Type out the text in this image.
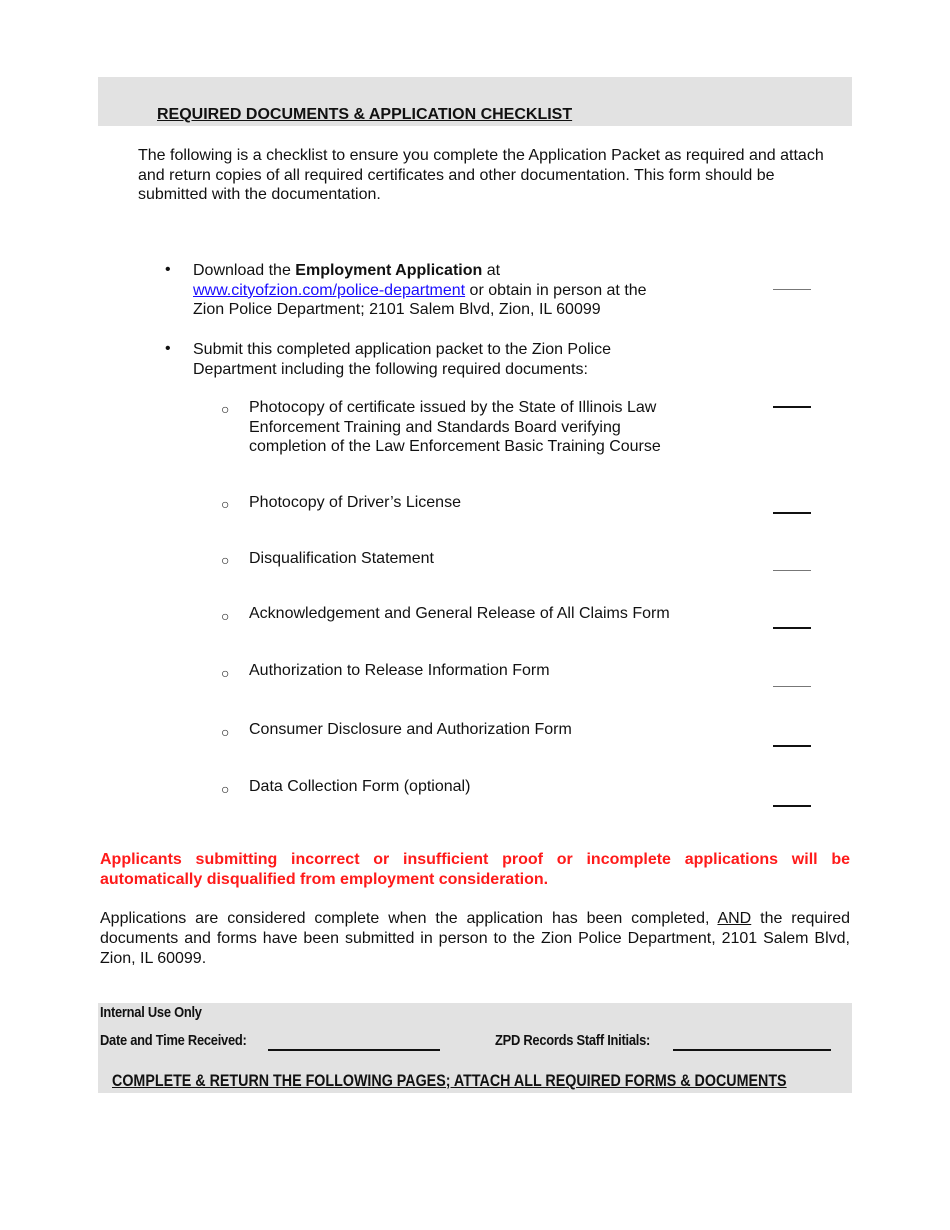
REQUIRED DOCUMENTS & APPLICATION CHECKLIST
The following is a checklist to ensure you complete the Application Packet as required and attach and return copies of all required certificates and other documentation. This form should be submitted with the documentation.
• Download the Employment Application at
www.cityofzion.com/police-department or obtain in person at the
Zion Police Department; 2101 Salem Blvd, Zion, IL 60099
• Submit this completed application packet to the Zion Police
Department including the following required documents:
○ Photocopy of certificate issued by the State of Illinois Law
Enforcement Training and Standards Board verifying
completion of the Law Enforcement Basic Training Course
○ Photocopy of Driver’s License
○ Disqualification Statement
○ Acknowledgement and General Release of All Claims Form
○ Authorization to Release Information Form
○ Consumer Disclosure and Authorization Form
○ Data Collection Form (optional)
Applicants submitting incorrect or insufficient proof or incomplete applications will be automatically disqualified from employment consideration.
Applications are considered complete when the application has been completed, AND the required documents and forms have been submitted in person to the Zion Police Department, 2101 Salem Blvd, Zion, IL 60099.
Internal Use Only
Date and Time Received:	ZPD Records Staff Initials:
COMPLETE & RETURN THE FOLLOWING PAGES; ATTACH ALL REQUIRED FORMS & DOCUMENTS
